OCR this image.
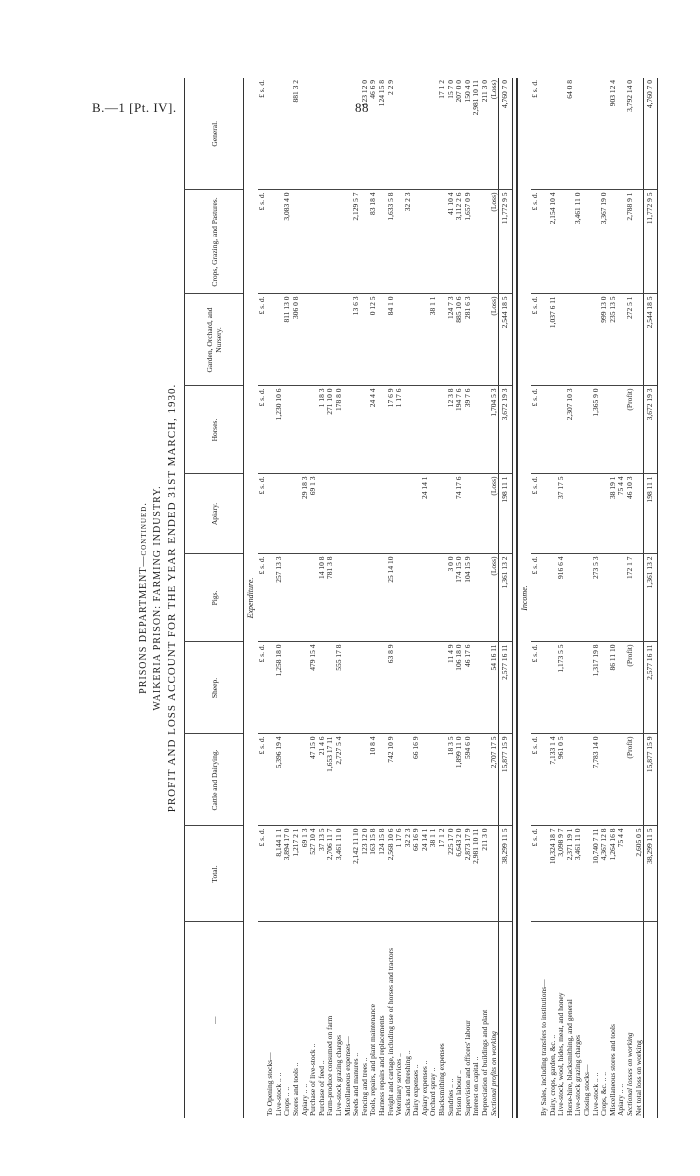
B.—1 [Pt. IV].	88
PRISONS DEPARTMENT—continued. WAIKERIA PRISON: FARMING INDUSTRY. PROFIT AND LOSS ACCOUNT FOR THE YEAR ENDED 31ST MARCH, 1930.
—	Total.	Cattle and Dairying.	Sheep.	Pigs.	Apiary.	Horses.	Garden, Orchard, and Nursery.	Crops, Grazing, and Pastures.	General.
Expenditure.									
	£ s. d.	£ s. d.	£ s. d.	£ s. d.	£ s. d.	£ s. d.	£ s. d.	£ s. d.	£ s. d.
To Opening stocks—									
Live-stock .. ..	8,144 1 1	5,396 19 4	1,258 18 0	257 13 3		1,230 10 6			
Crops .. ..	3,894 17 0						811 13 0	3,083 4 0	
Stores and tools ..	1,217 2 1						306 0 8		881 3 2
Apiary .. ..	69 1 3				29 18 3				
Purchase of live-stock ..	527 10 4	47 15 0	479 15 4		69 1 3				
Purchase of feed ..	37 13 5	21 4 6		14 10 8		1 18 3			
Farm-produce consumed on farm	2,706 11 7	1,653 17 11		781 3 8		271 10 0			
Live-stock grazing charges	3,461 11 0	2,727 5 4	555 17 8			178 8 0			
Miscellaneous expenses—									
Seeds and manures ..	2,142 11 10						13 6 3	2,129 5 7	
Fencing and trees ..	123 12 0								123 12 0
Tools, repairs, and plant maintenance	163 15 8	10 8 4				24 4 4	0 12 5	83 18 4	46 6 9
Harness repairs and replacements	124 15 8								124 15 8
Freight and cartage, including use of horses and tractors	2,568 10 6	742 10 9	63 8 9	25 14 10		17 6 9	84 1 0	1,633 5 8	2 2 9
Veterinary services ..	1 17 6					1 17 6			
Sacks and threshing ..	32 2 3							32 2 3	
Dairy expenses ..	66 16 9	66 16 9							
Apiary expenses ..	24 14 1				24 14 1				
Orchard spray ..	38 1 1						38 1 1		
Blacksmithing expenses	17 1 2								17 1 2
Sundries .. ..	225 17 0	18 3 5	11 4 9	3 0 0		12 3 8	124 7 3	41 10 4	15 7 0
Prison labour ..	6,643 2 0	1,899 11 0	106 18 0	174 15 0	74 17 6	194 7 6	885 10 6	3,112 2 6	207 0 0
Supervision and officers' labour	2,873 17 9	594 6 0	46 17 6	104 15 9		39 7 6	281 6 3	1,657 0 9	150 4 0
Interest on capital ..	2,981 10 11								2,981 10 11
Depreciation of buildings and plant	211 3 0								211 3 0
Sectional profits on working		2,707 17 5	54 16 11	(Loss)	(Loss)	1,704 5 3	(Loss)	(Loss)	(Loss)
	38,299 11 5	15,877 15 9	2,577 16 11	1,361 13 2	198 11 1	3,672 19 3	2,544 18 5	11,772 9 5	4,760 7 0

Income.									
	£ s. d.	£ s. d.	£ s. d.	£ s. d.	£ s. d.	£ s. d.	£ s. d.	£ s. d.	£ s. d.
By Sales, including transfers to institutions—									
Dairy, crops, garden, &c. ..	10,324 18 7	7,133 1 4					1,037 6 11	2,154 10 4	
Live-stock, wool, hides, meat, and honey	3,098 9 7	961 0 5	1,173 5 5	916 6 4	37 17 5				
Horse-hire, blacksmithing, and general	2,371 19 1					2,307 10 3			64 0 8
Live-stock grazing charges	3,461 11 0							3,461 11 0	
Closing stocks—									
Live-stock .. ..	10,740 7 11	7,783 14 0	1,317 19 8	273 5 3		1,365 9 0			
Crops, &c. .. ..	4,367 12 8						999 13 0	3,367 19 0	
Miscellaneous stores and tools	1,264 16 8		86 11 10		38 19 1		235 13 5		903 12 4
Apiary .. ..	75 4 4				75 4 4				
Sectional losses on working		(Profit)	(Profit)	172 1 7	46 10 3	(Profit)	272 5 1	2,788 9 1	3,792 14 0
Net total loss on working	2,605 0 5								
	38,299 11 5	15,877 15 9	2,577 16 11	1,361 13 2	198 11 1	3,672 19 3	2,544 18 5	11,772 9 5	4,760 7 0
